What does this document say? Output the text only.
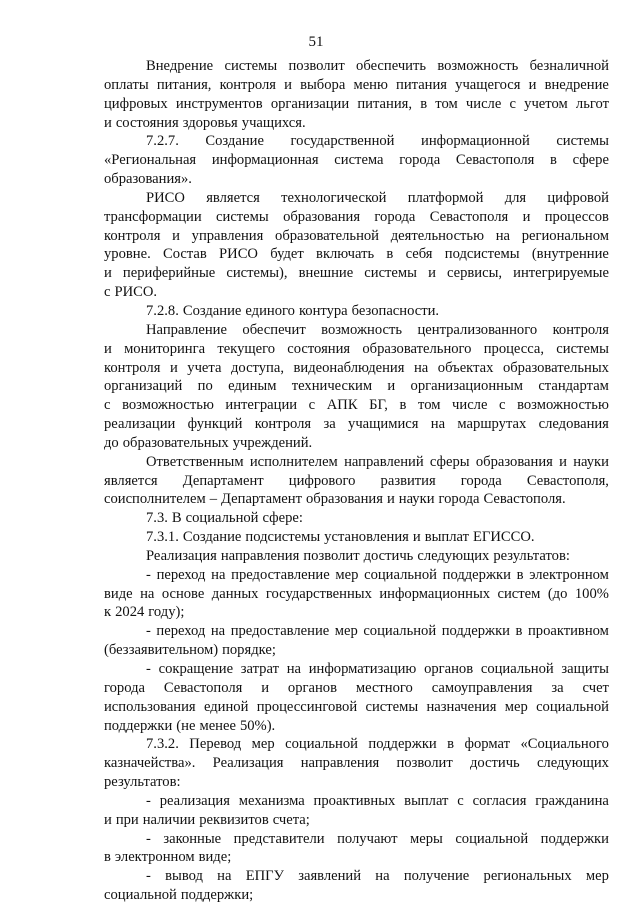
51
Внедрение системы позволит обеспечить возможность безналичной
оплаты питания, контроля и выбора меню питания учащегося и внедрение
цифровых инструментов организации питания, в том числе с учетом льгот
и состояния здоровья учащихся.
7.2.7. Создание государственной информационной системы
«Региональная информационная система города Севастополя в сфере
образования».
РИСО является технологической платформой для цифровой
трансформации системы образования города Севастополя и процессов
контроля и управления образовательной деятельностью на региональном
уровне. Состав РИСО будет включать в себя подсистемы (внутренние
и периферийные системы), внешние системы и сервисы, интегрируемые
с РИСО.
7.2.8. Создание единого контура безопасности.
Направление обеспечит возможность централизованного контроля
и мониторинга текущего состояния образовательного процесса, системы
контроля и учета доступа, видеонаблюдения на объектах образовательных
организаций по единым техническим и организационным стандартам
с возможностью интеграции с АПК БГ, в том числе с возможностью
реализации функций контроля за учащимися на маршрутах следования
до образовательных учреждений.
Ответственным исполнителем направлений сферы образования и науки
является Департамент цифрового развития города Севастополя,
соисполнителем – Департамент образования и науки города Севастополя.
7.3. В социальной сфере:
7.3.1. Создание подсистемы установления и выплат ЕГИССО.
Реализация направления позволит достичь следующих результатов:
- переход на предоставление мер социальной поддержки в электронном
виде на основе данных государственных информационных систем (до 100%
к 2024 году);
- переход на предоставление мер социальной поддержки в проактивном
(беззаявительном) порядке;
- сокращение затрат на информатизацию органов социальной защиты
города Севастополя и органов местного самоуправления за счет
использования единой процессинговой системы назначения мер социальной
поддержки (не менее 50%).
7.3.2. Перевод мер социальной поддержки в формат «Социального
казначейства». Реализация направления позволит достичь следующих
результатов:
- реализация механизма проактивных выплат с согласия гражданина
и при наличии реквизитов счета;
- законные представители получают меры социальной поддержки
в электронном виде;
- вывод на ЕПГУ заявлений на получение региональных мер
социальной поддержки;
